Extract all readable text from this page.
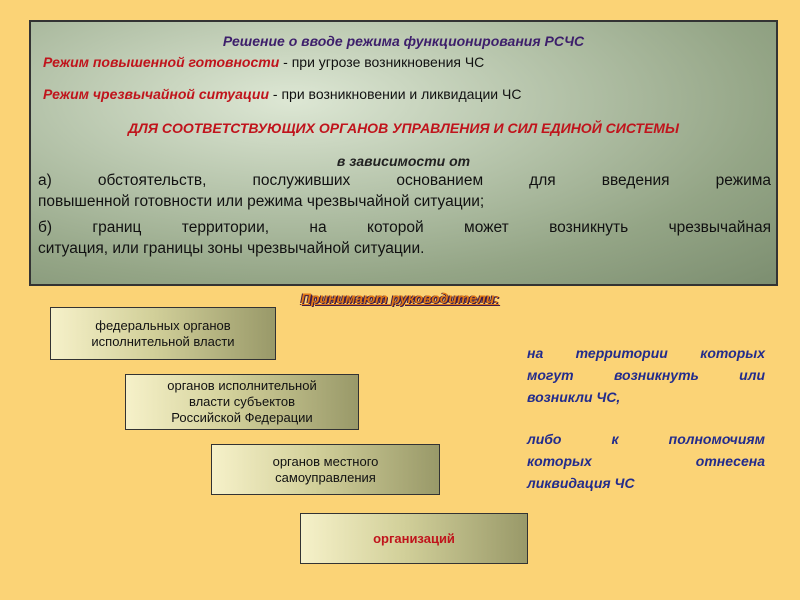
Решение о вводе режима функционирования РСЧС
Режим повышенной готовности - при угрозе возникновения ЧС
Режим чрезвычайной ситуации - при возникновении и ликвидации ЧС
ДЛЯ СООТВЕТСТВУЮЩИХ ОРГАНОВ УПРАВЛЕНИЯ И СИЛ ЕДИНОЙ СИСТЕМЫ
в зависимости от
а) обстоятельств, послуживших основанием для введения режима
повышенной готовности или режима чрезвычайной ситуации;
б) границ территории, на которой может возникнуть чрезвычайная
ситуация, или границы зоны чрезвычайной ситуации.
Принимают руководители:
федеральных органов
исполнительной власти
органов исполнительной
власти субъектов
Российской Федерации
органов местного
самоуправления
организаций
на территории которых
могут возникнуть или
возникли ЧС,
либо к полномочиям
которых отнесена
ликвидация ЧС
